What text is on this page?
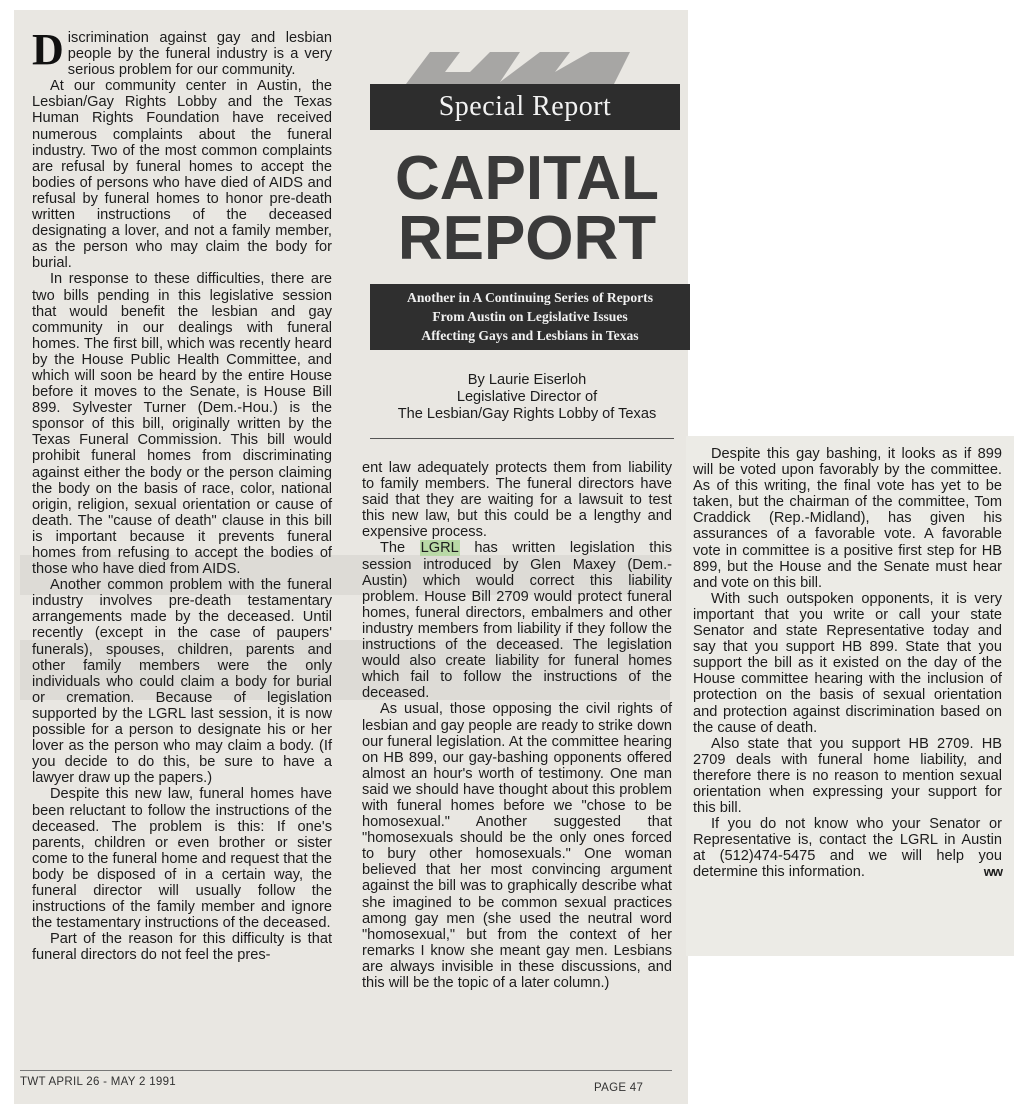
Special Report
CAPITAL
REPORT
Another in A Continuing Series of Reports
From Austin on Legislative Issues
Affecting Gays and Lesbians in Texas
By Laurie Eiserloh
Legislative Director of
The Lesbian/Gay Rights Lobby of Texas

Discrimination against gay and lesbian people by the funeral industry is a very serious problem for our community.

At our community center in Austin, the Lesbian/Gay Rights Lobby and the Texas Human Rights Foundation have received numerous complaints about the funeral industry. Two of the most common complaints are refusal by funeral homes to accept the bodies of persons who have died of AIDS and refusal by funeral homes to honor pre-death written instructions of the deceased designating a lover, and not a family member, as the person who may claim the body for burial.

In response to these difficulties, there are two bills pending in this legislative session that would benefit the lesbian and gay community in our dealings with funeral homes. The first bill, which was recently heard by the House Public Health Committee, and which will soon be heard by the entire House before it moves to the Senate, is House Bill 899. Sylvester Turner (Dem.-Hou.) is the sponsor of this bill, originally written by the Texas Funeral Commission. This bill would prohibit funeral homes from discriminating against either the body or the person claiming the body on the basis of race, color, national origin, religion, sexual orientation or cause of death. The "cause of death" clause in this bill is important because it prevents funeral homes from refusing to accept the bodies of those who have died from AIDS.

Another common problem with the funeral industry involves pre-death testamentary arrangements made by the deceased. Until recently (except in the case of paupers' funerals), spouses, children, parents and other family members were the only individuals who could claim a body for burial or cremation. Because of legislation supported by the LGRL last session, it is now possible for a person to designate his or her lover as the person who may claim a body. (If you decide to do this, be sure to have a lawyer draw up the papers.)

Despite this new law, funeral homes have been reluctant to follow the instructions of the deceased. The problem is this: If one's parents, children or even brother or sister come to the funeral home and request that the body be disposed of in a certain way, the funeral director will usually follow the instructions of the family member and ignore the testamentary instructions of the deceased.

Part of the reason for this difficulty is that funeral directors do not feel the pres-

ent law adequately protects them from liability to family members. The funeral directors have said that they are waiting for a lawsuit to test this new law, but this could be a lengthy and expensive process.

The LGRL has written legislation this session introduced by Glen Maxey (Dem.-Austin) which would correct this liability problem. House Bill 2709 would protect funeral homes, funeral directors, embalmers and other industry members from liability if they follow the instructions of the deceased. The legislation would also create liability for funeral homes which fail to follow the instructions of the deceased.

As usual, those opposing the civil rights of lesbian and gay people are ready to strike down our funeral legislation. At the committee hearing on HB 899, our gay-bashing opponents offered almost an hour's worth of testimony. One man said we should have thought about this problem with funeral homes before we "chose to be homosexual." Another suggested that "homosexuals should be the only ones forced to bury other homosexuals." One woman believed that her most convincing argument against the bill was to graphically describe what she imagined to be common sexual practices among gay men (she used the neutral word "homosexual," but from the context of her remarks I know she meant gay men. Lesbians are always invisible in these discussions, and this will be the topic of a later column.)

Despite this gay bashing, it looks as if 899 will be voted upon favorably by the committee. As of this writing, the final vote has yet to be taken, but the chairman of the committee, Tom Craddick (Rep.-Midland), has given his assurances of a favorable vote. A favorable vote in committee is a positive first step for HB 899, but the House and the Senate must hear and vote on this bill.

With such outspoken opponents, it is very important that you write or call your state Senator and state Representative today and say that you support HB 899. State that you support the bill as it existed on the day of the House committee hearing with the inclusion of protection on the basis of sexual orientation and protection against discrimination based on the cause of death.

Also state that you support HB 2709. HB 2709 deals with funeral home liability, and therefore there is no reason to mention sexual orientation when expressing your support for this bill.

If you do not know who your Senator or Representative is, contact the LGRL in Austin at (512)474-5475 and we will help you determine this information.	ww

TWT APRIL 26 - MAY 2 1991	PAGE 47
